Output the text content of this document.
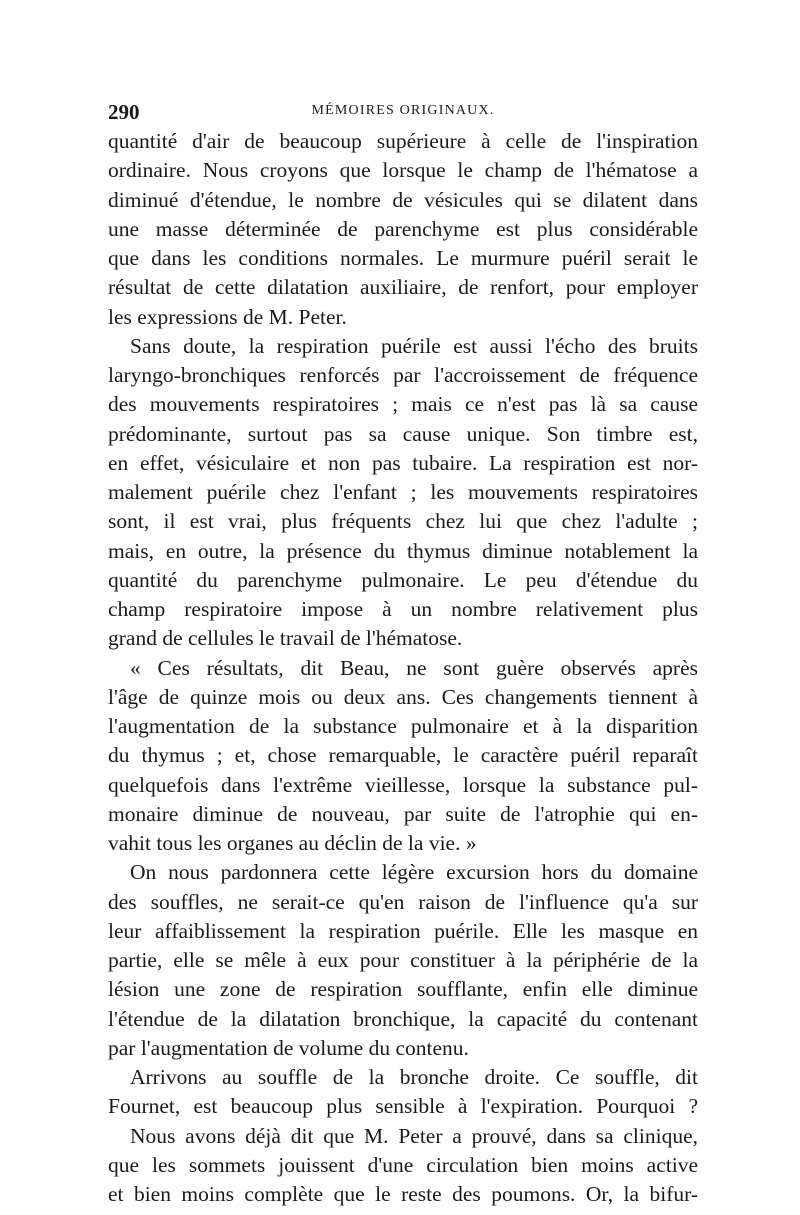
290	MÉMOIRES ORIGINAUX.
quantité d'air de beaucoup supérieure à celle de l'inspiration
ordinaire. Nous croyons que lorsque le champ de l'hématose a
diminué d'étendue, le nombre de vésicules qui se dilatent dans
une masse déterminée de parenchyme est plus considérable
que dans les conditions normales. Le murmure puéril serait le
résultat de cette dilatation auxiliaire, de renfort, pour employer
les expressions de M. Peter.
Sans doute, la respiration puérile est aussi l'écho des bruits
laryngo-bronchiques renforcés par l'accroissement de fréquence
des mouvements respiratoires ; mais ce n'est pas là sa cause
prédominante, surtout pas sa cause unique. Son timbre est,
en effet, vésiculaire et non pas tubaire. La respiration est nor-
malement puérile chez l'enfant ; les mouvements respiratoires
sont, il est vrai, plus fréquents chez lui que chez l'adulte ;
mais, en outre, la présence du thymus diminue notablement la
quantité du parenchyme pulmonaire. Le peu d'étendue du
champ respiratoire impose à un nombre relativement plus
grand de cellules le travail de l'hématose.
« Ces résultats, dit Beau, ne sont guère observés après
l'âge de quinze mois ou deux ans. Ces changements tiennent à
l'augmentation de la substance pulmonaire et à la disparition
du thymus ; et, chose remarquable, le caractère puéril reparaît
quelquefois dans l'extrême vieillesse, lorsque la substance pul-
monaire diminue de nouveau, par suite de l'atrophie qui en-
vahit tous les organes au déclin de la vie. »
On nous pardonnera cette légère excursion hors du domaine
des souffles, ne serait-ce qu'en raison de l'influence qu'a sur
leur affaiblissement la respiration puérile. Elle les masque en
partie, elle se mêle à eux pour constituer à la périphérie de la
lésion une zone de respiration soufflante, enfin elle diminue
l'étendue de la dilatation bronchique, la capacité du contenant
par l'augmentation de volume du contenu.
Arrivons au souffle de la bronche droite. Ce souffle, dit
Fournet, est beaucoup plus sensible à l'expiration. Pourquoi ?
Nous avons déjà dit que M. Peter a prouvé, dans sa clinique,
que les sommets jouissent d'une circulation bien moins active
et bien moins complète que le reste des poumons. Or, la bifur-
